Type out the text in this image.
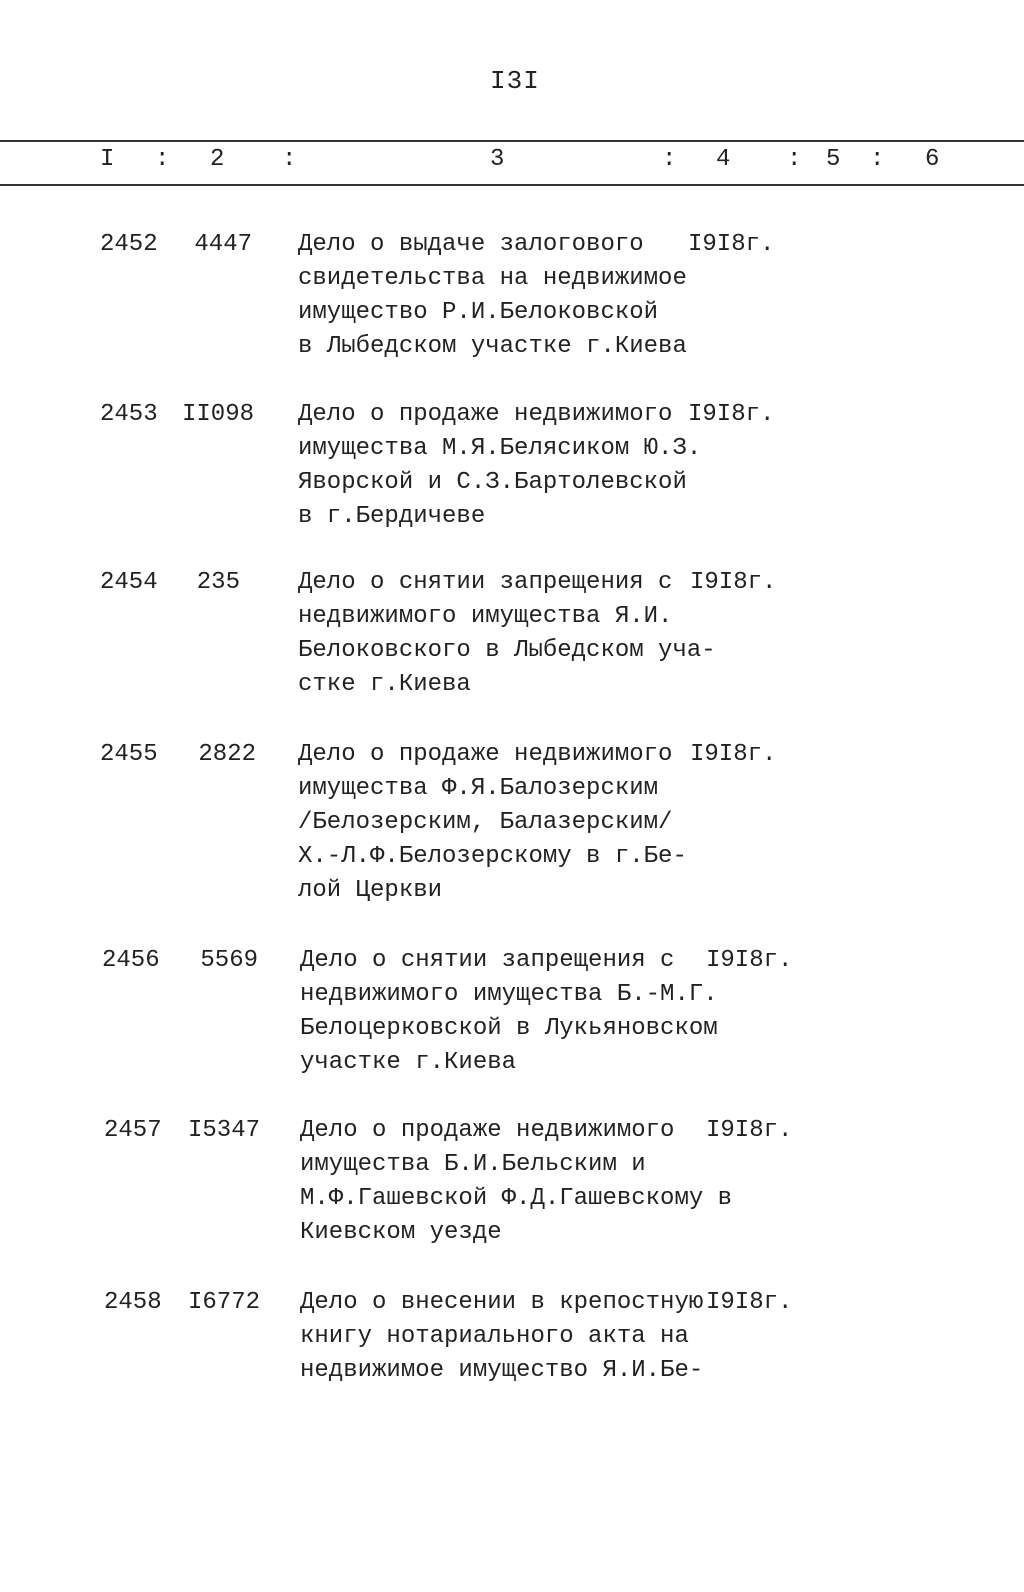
I3I
I : 2 :	3	: 4 : 5 : 6
2452	4447 Дело о выдаче залогового
свидетельства на недвижимое
имущество Р.И.Белоковской
в Лыбедском участке г.Киева
I9I8г.
2453	II098 Дело о продаже недвижимого
имущества М.Я.Белясиком Ю.З.
Яворской и С.З.Бартолевской
в г.Бердичеве
I9I8г.
2454	235 Дело о снятии запрещения с
недвижимого имущества Я.И.
Белоковского в Лыбедском уча-
стке г.Киева
I9I8г.
2455	2822 Дело о продаже недвижимого
имущества Ф.Я.Балозерским
/Белозерским, Балазерским/
Х.-Л.Ф.Белозерскому в г.Бе-
лой Церкви
I9I8г.
2456	5569 Дело о снятии запрещения с
недвижимого имущества Б.-М.Г.
Белоцерковской в Лукьяновском
участке г.Киева
I9I8г.
2457	I5347 Дело о продаже недвижимого
имущества Б.И.Бельским и
М.Ф.Гашевской Ф.Д.Гашевскому в
Киевском уезде
I9I8г.
2458	I6772 Дело о внесении в крепостную
книгу нотариального акта на
недвижимое имущество Я.И.Бе-
I9I8г.
